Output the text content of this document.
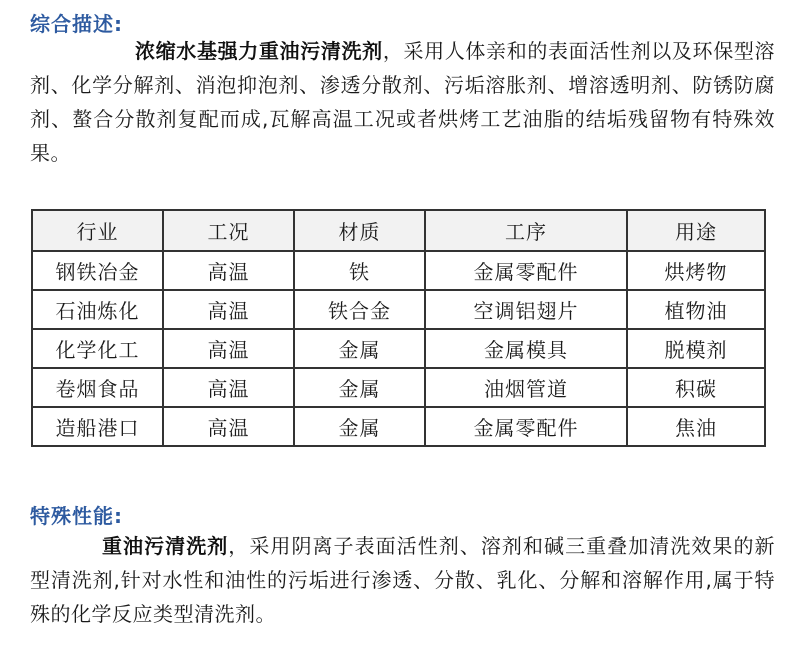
综合描述:
浓缩水基强力重油污清洗剂，采用人体亲和的表面活性剂以及环保型溶剂、化学分解剂、消泡抑泡剂、渗透分散剂、污垢溶胀剂、增溶透明剂、防锈防腐剂、螯合分散剂复配而成,瓦解高温工况或者烘烤工艺油脂的结垢残留物有特殊效果。
行业	工况	材质	工序	用途
钢铁冶金	高温	铁	金属零配件	烘烤物
石油炼化	高温	铁合金	空调铝翅片	植物油
化学化工	高温	金属	金属模具	脱模剂
卷烟食品	高温	金属	油烟管道	积碳
造船港口	高温	金属	金属零配件	焦油
特殊性能:
重油污清洗剂，采用阴离子表面活性剂、溶剂和碱三重叠加清洗效果的新型清洗剂,针对水性和油性的污垢进行渗透、分散、乳化、分解和溶解作用,属于特殊的化学反应类型清洗剂。
